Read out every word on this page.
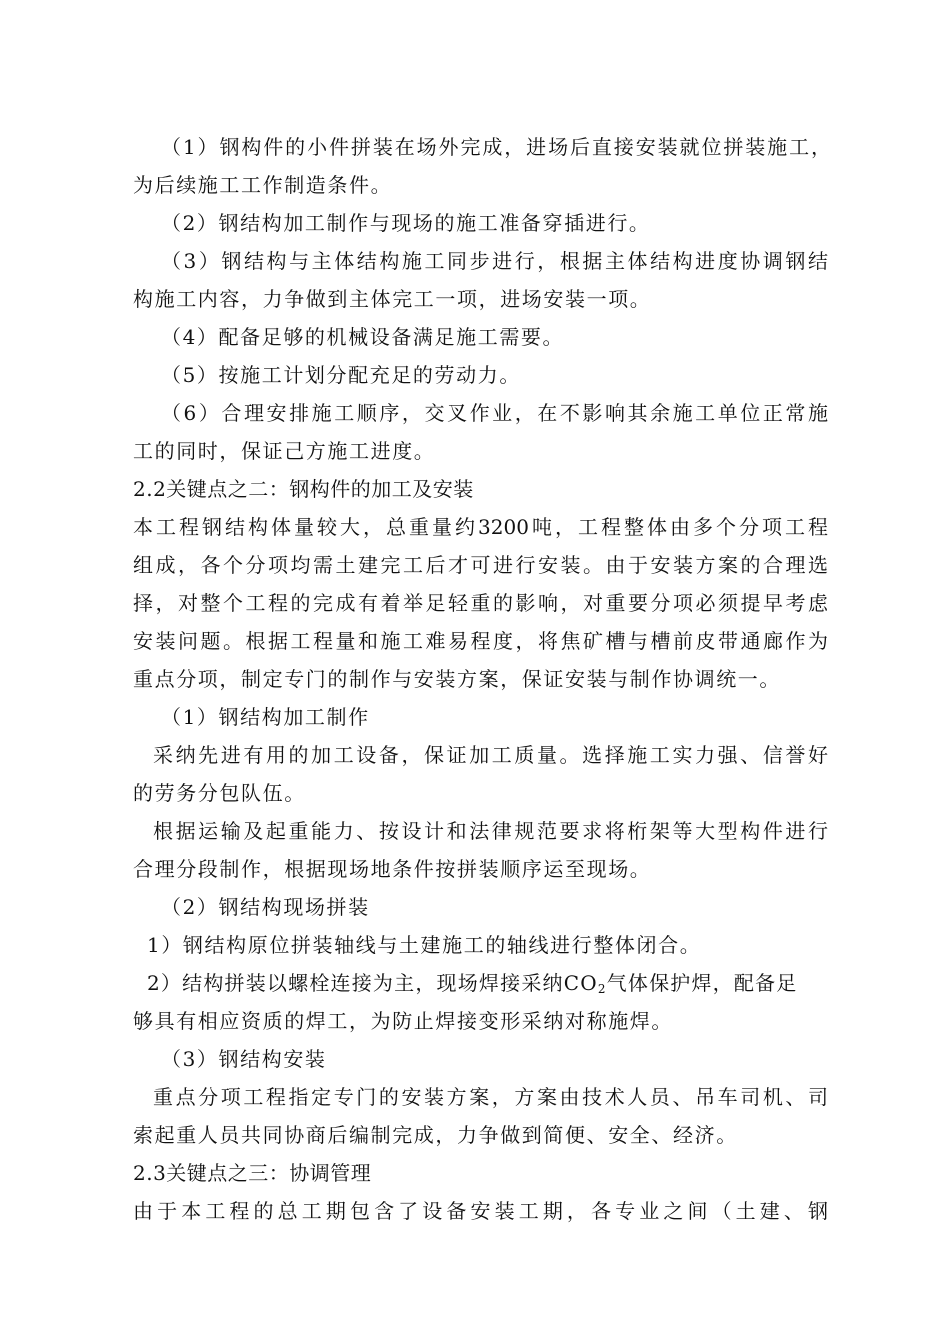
（1）钢构件的小件拼装在场外完成，进场后直接安装就位拼装施工，
为后续施工工作制造条件。
（2）钢结构加工制作与现场的施工准备穿插进行。
（3）钢结构与主体结构施工同步进行，根据主体结构进度协调钢结
构施工内容，力争做到主体完工一项，进场安装一项。
（4）配备足够的机械设备满足施工需要。
（5）按施工计划分配充足的劳动力。
（6）合理安排施工顺序，交叉作业，在不影响其余施工单位正常施
工的同时，保证己方施工进度。
2.2关键点之二：钢构件的加工及安装
本工程钢结构体量较大，总重量约3200吨，工程整体由多个分项工程
组成，各个分项均需土建完工后才可进行安装。由于安装方案的合理选
择，对整个工程的完成有着举足轻重的影响，对重要分项必须提早考虑
安装问题。根据工程量和施工难易程度，将焦矿槽与槽前皮带通廊作为
重点分项，制定专门的制作与安装方案，保证安装与制作协调统一。
（1）钢结构加工制作
采纳先进有用的加工设备，保证加工质量。选择施工实力强、信誉好
的劳务分包队伍。
根据运输及起重能力、按设计和法律规范要求将桁架等大型构件进行
合理分段制作，根据现场地条件按拼装顺序运至现场。
（2）钢结构现场拼装
1）钢结构原位拼装轴线与土建施工的轴线进行整体闭合。
2）结构拼装以螺栓连接为主，现场焊接采纳$CO_2$气体保护焊，配备足
够具有相应资质的焊工，为防止焊接变形采纳对称施焊。
（3）钢结构安装
重点分项工程指定专门的安装方案，方案由技术人员、吊车司机、司
索起重人员共同协商后编制完成，力争做到简便、安全、经济。
2.3关键点之三：协调管理
由于本工程的总工期包含了设备安装工期，各专业之间（土建、钢
